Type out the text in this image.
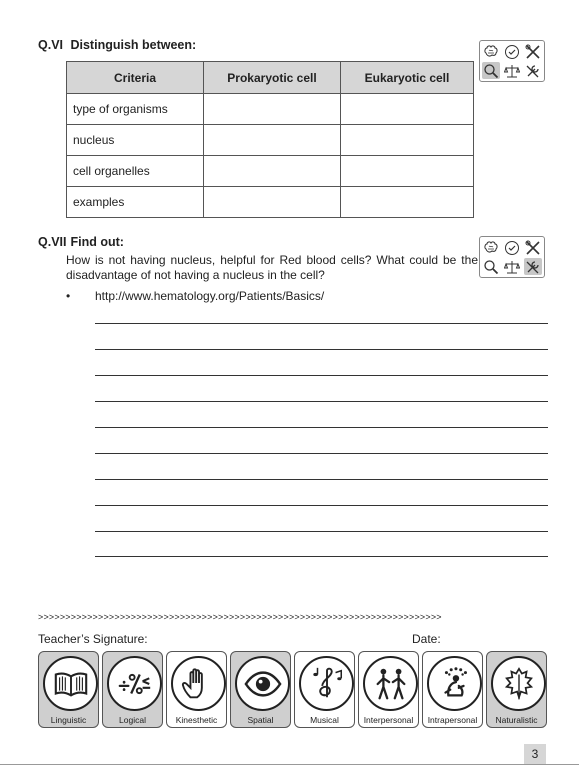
Q.VI Distinguish between:
Criteria	Prokaryotic cell	Eukaryotic cell
type of organisms		
nucleus		
cell organelles		
examples		
Q.VII Find out:
How is not having nucleus, helpful for Red blood cells? What could be the disadvantage of not having a nucleus in the cell?
• http://www.hematology.org/Patients/Basics/
>>>>>>>>>>>>>>>>>>>>>>>>>>>>>>>>>>>>>>>>>>>>>>>>>>>>>>>>>>>>>>>>>>>>>>>>>>
Teacher’s Signature:	Date:
Linguistic	Logical	Kinesthetic	Spatial	Musical	Interpersonal	Intrapersonal	Naturalistic
3
